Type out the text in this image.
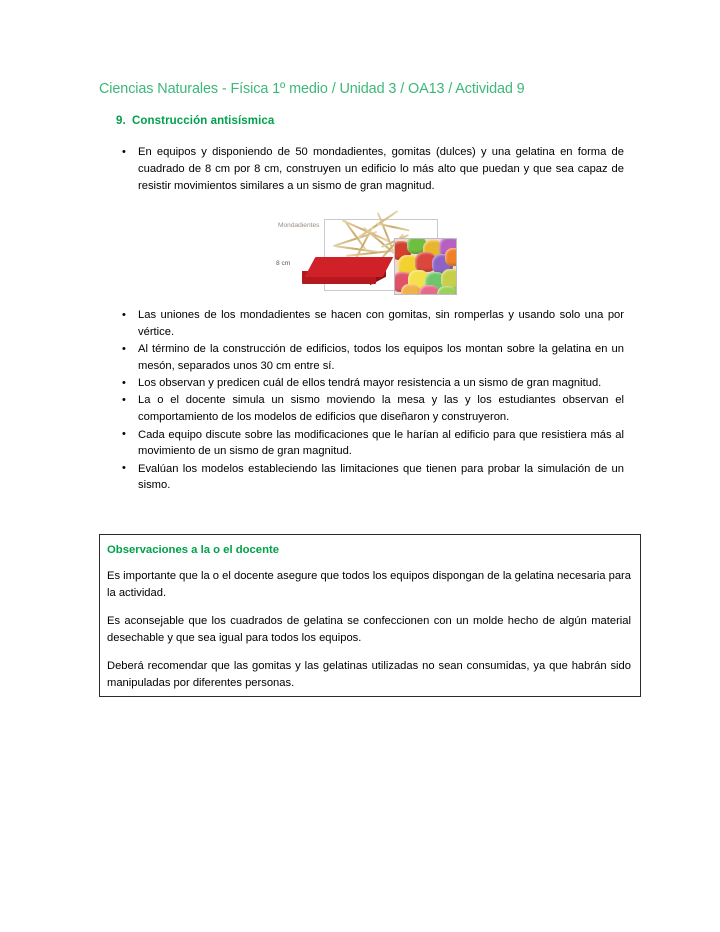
Ciencias Naturales - Física 1º medio / Unidad 3 / OA13 / Actividad 9
9. Construcción antisísmica
• En equipos y disponiendo de 50 mondadientes, gomitas (dulces) y una gelatina en forma de cuadrado de 8 cm por 8 cm, construyen un edificio lo más alto que puedan y que sea capaz de resistir movimientos similares a un sismo de gran magnitud.
Mondadientes
8 cm
• Las uniones de los mondadientes se hacen con gomitas, sin romperlas y usando solo una por vértice.
• Al término de la construcción de edificios, todos los equipos los montan sobre la gelatina en un mesón, separados unos 30 cm entre sí.
• Los observan y predicen cuál de ellos tendrá mayor resistencia a un sismo de gran magnitud.
• La o el docente simula un sismo moviendo la mesa y las y los estudiantes observan el comportamiento de los modelos de edificios que diseñaron y construyeron.
• Cada equipo discute sobre las modificaciones que le harían al edificio para que resistiera más al movimiento de un sismo de gran magnitud.
• Evalúan los modelos estableciendo las limitaciones que tienen para probar la simulación de un sismo.
Observaciones a la o el docente

Es importante que la o el docente asegure que todos los equipos dispongan de la gelatina necesaria para la actividad.

Es aconsejable que los cuadrados de gelatina se confeccionen con un molde hecho de algún material desechable y que sea igual para todos los equipos.

Deberá recomendar que las gomitas y las gelatinas utilizadas no sean consumidas, ya que habrán sido manipuladas por diferentes personas.
